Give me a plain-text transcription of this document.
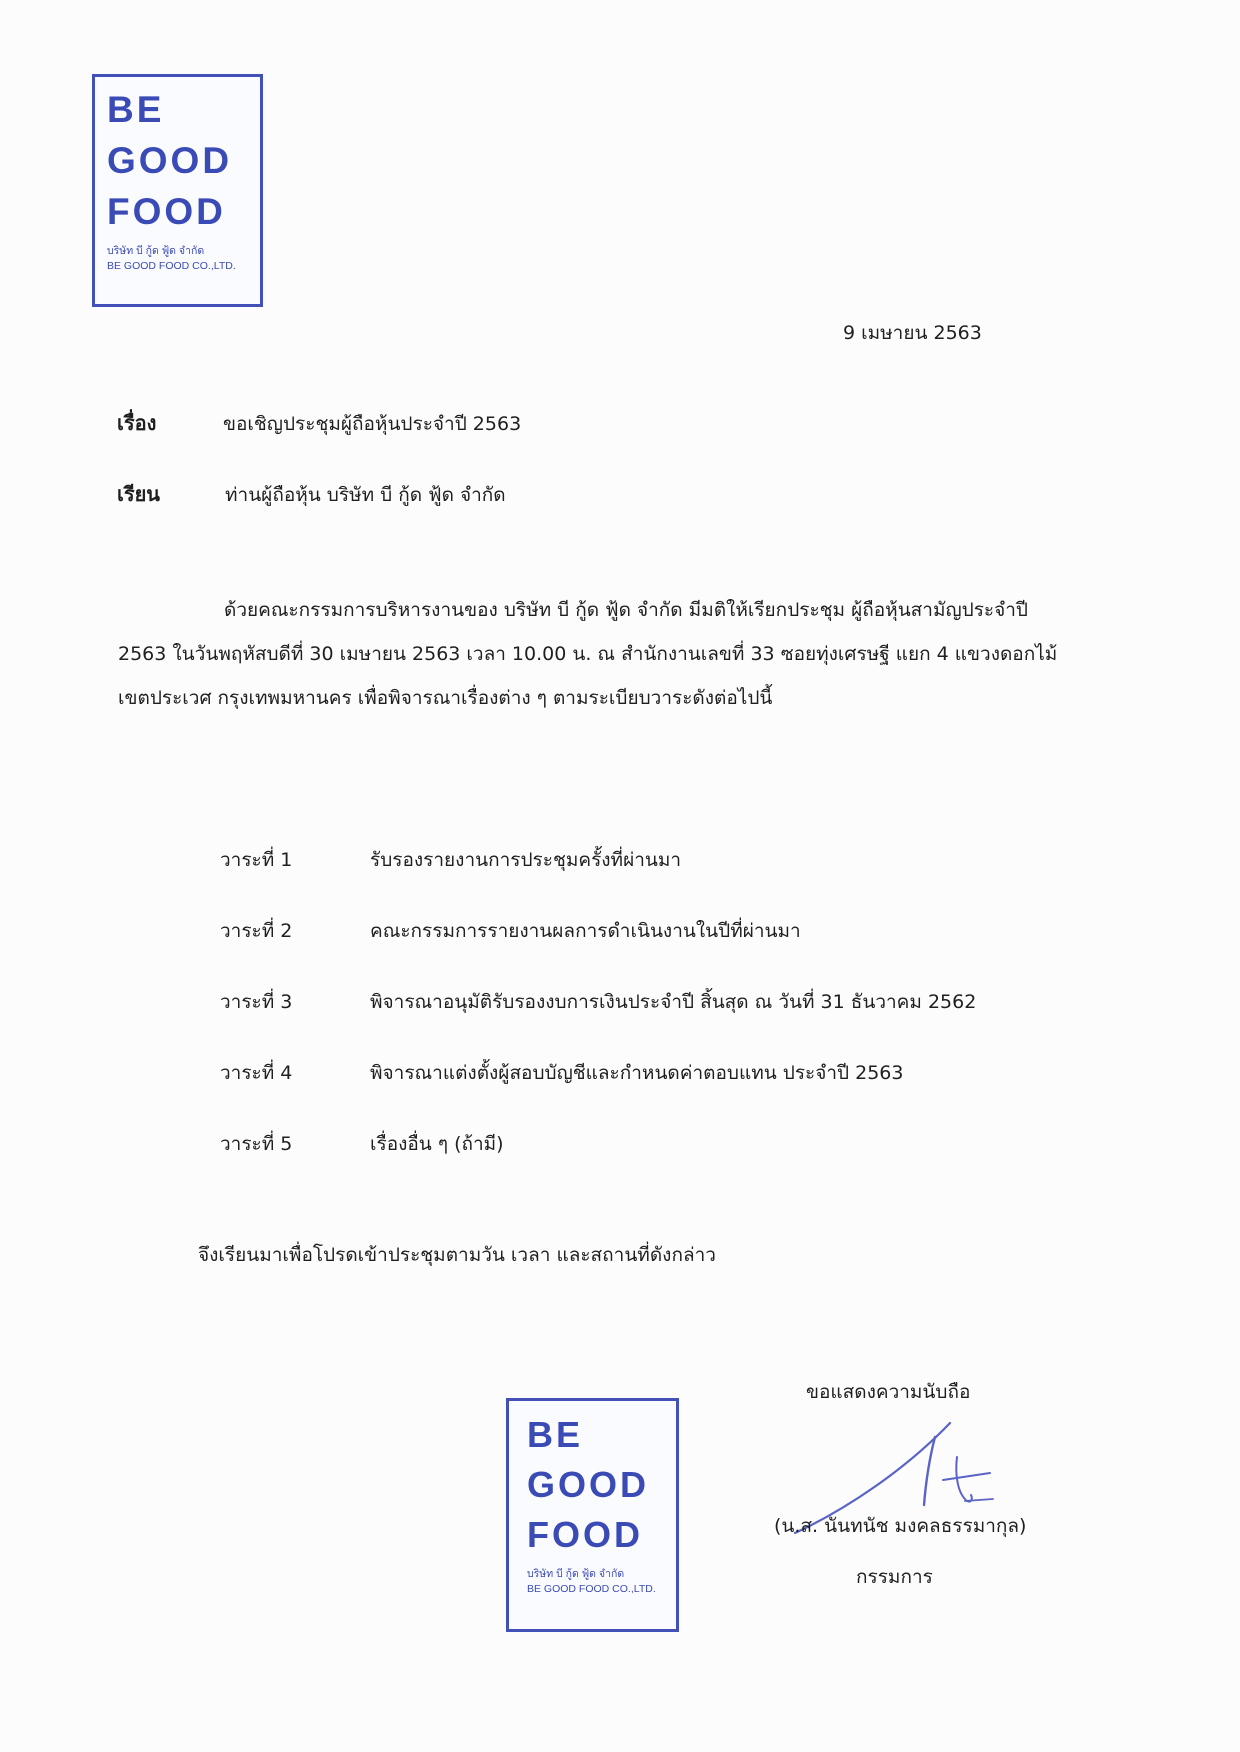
BE
GOOD
FOOD
บริษัท บี กู้ด ฟู้ด จำกัด
BE GOOD FOOD CO.,LTD.
9 เมษายน 2563
เรื่อง	ขอเชิญประชุมผู้ถือหุ้นประจำปี 2563
เรียน	ท่านผู้ถือหุ้น บริษัท บี กู้ด ฟู้ด จำกัด
ด้วยคณะกรรมการบริหารงานของ บริษัท บี กู้ด ฟู้ด จำกัด มีมติให้เรียกประชุม ผู้ถือหุ้นสามัญประจำปี 2563 ในวันพฤหัสบดีที่ 30 เมษายน 2563 เวลา 10.00 น. ณ สำนักงานเลขที่ 33 ซอยทุ่งเศรษฐี แยก 4 แขวงดอกไม้ เขตประเวศ กรุงเทพมหานคร เพื่อพิจารณาเรื่องต่าง ๆ ตามระเบียบวาระดังต่อไปนี้
วาระที่ 1	รับรองรายงานการประชุมครั้งที่ผ่านมา
วาระที่ 2	คณะกรรมการรายงานผลการดำเนินงานในปีที่ผ่านมา
วาระที่ 3	พิจารณาอนุมัติรับรองงบการเงินประจำปี สิ้นสุด ณ วันที่ 31 ธันวาคม 2562
วาระที่ 4	พิจารณาแต่งตั้งผู้สอบบัญชีและกำหนดค่าตอบแทน ประจำปี 2563
วาระที่ 5	เรื่องอื่น ๆ (ถ้ามี)
จึงเรียนมาเพื่อโปรดเข้าประชุมตามวัน เวลา และสถานที่ดังกล่าว
ขอแสดงความนับถือ
(น.ส. นันทนัช มงคลธรรมากุล)
กรรมการ
BE
GOOD
FOOD
บริษัท บี กู้ด ฟู้ด จำกัด
BE GOOD FOOD CO.,LTD.
